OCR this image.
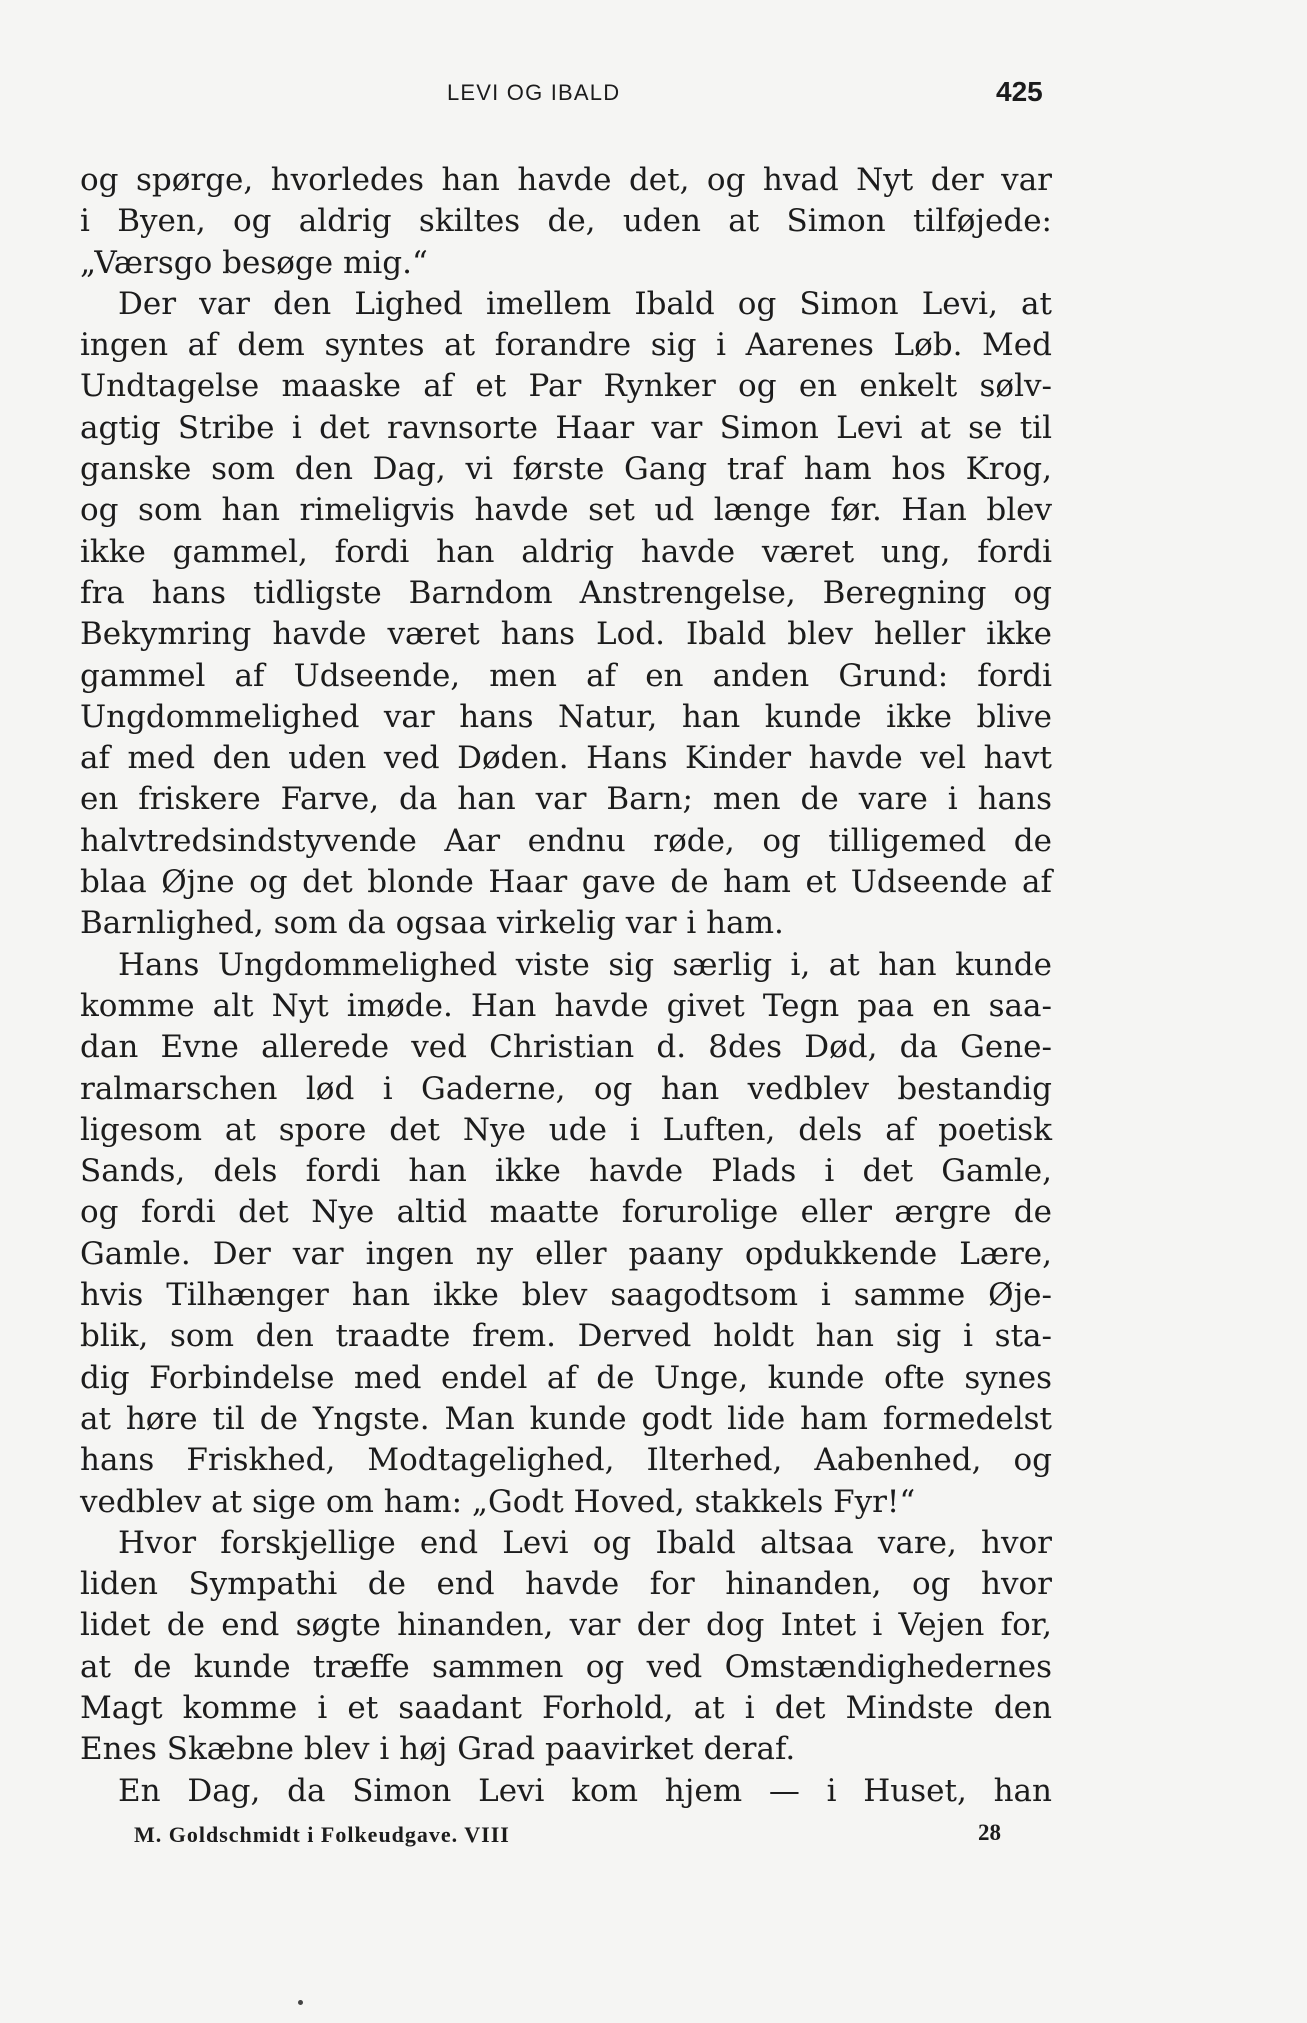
LEVI OG IBALD	425
og spørge, hvorledes han havde det, og hvad Nyt der var
i Byen, og aldrig skiltes de, uden at Simon tilføjede:
„Værsgo besøge mig.“
Der var den Lighed imellem Ibald og Simon Levi, at
ingen af dem syntes at forandre sig i Aarenes Løb. Med
Undtagelse maaske af et Par Rynker og en enkelt sølv-
agtig Stribe i det ravnsorte Haar var Simon Levi at se til
ganske som den Dag, vi første Gang traf ham hos Krog,
og som han rimeligvis havde set ud længe før. Han blev
ikke gammel, fordi han aldrig havde været ung, fordi
fra hans tidligste Barndom Anstrengelse, Beregning og
Bekymring havde været hans Lod. Ibald blev heller ikke
gammel af Udseende, men af en anden Grund: fordi
Ungdommelighed var hans Natur, han kunde ikke blive
af med den uden ved Døden. Hans Kinder havde vel havt
en friskere Farve, da han var Barn; men de vare i hans
halvtredsindstyvende Aar endnu røde, og tilligemed de
blaa Øjne og det blonde Haar gave de ham et Udseende af
Barnlighed, som da ogsaa virkelig var i ham.
Hans Ungdommelighed viste sig særlig i, at han kunde
komme alt Nyt imøde. Han havde givet Tegn paa en saa-
dan Evne allerede ved Christian d. 8des Død, da Gene-
ralmarschen lød i Gaderne, og han vedblev bestandig
ligesom at spore det Nye ude i Luften, dels af poetisk
Sands, dels fordi han ikke havde Plads i det Gamle,
og fordi det Nye altid maatte forurolige eller ærgre de
Gamle. Der var ingen ny eller paany opdukkende Lære,
hvis Tilhænger han ikke blev saagodtsom i samme Øje-
blik, som den traadte frem. Derved holdt han sig i sta-
dig Forbindelse med endel af de Unge, kunde ofte synes
at høre til de Yngste. Man kunde godt lide ham formedelst
hans Friskhed, Modtagelighed, Ilterhed, Aabenhed, og
vedblev at sige om ham: „Godt Hoved, stakkels Fyr!“
Hvor forskjellige end Levi og Ibald altsaa vare, hvor
liden Sympathi de end havde for hinanden, og hvor
lidet de end søgte hinanden, var der dog Intet i Vejen for,
at de kunde træffe sammen og ved Omstændighedernes
Magt komme i et saadant Forhold, at i det Mindste den
Enes Skæbne blev i høj Grad paavirket deraf.
En Dag, da Simon Levi kom hjem — i Huset, han
M. Goldschmidt i Folkeudgave. VIII	28
